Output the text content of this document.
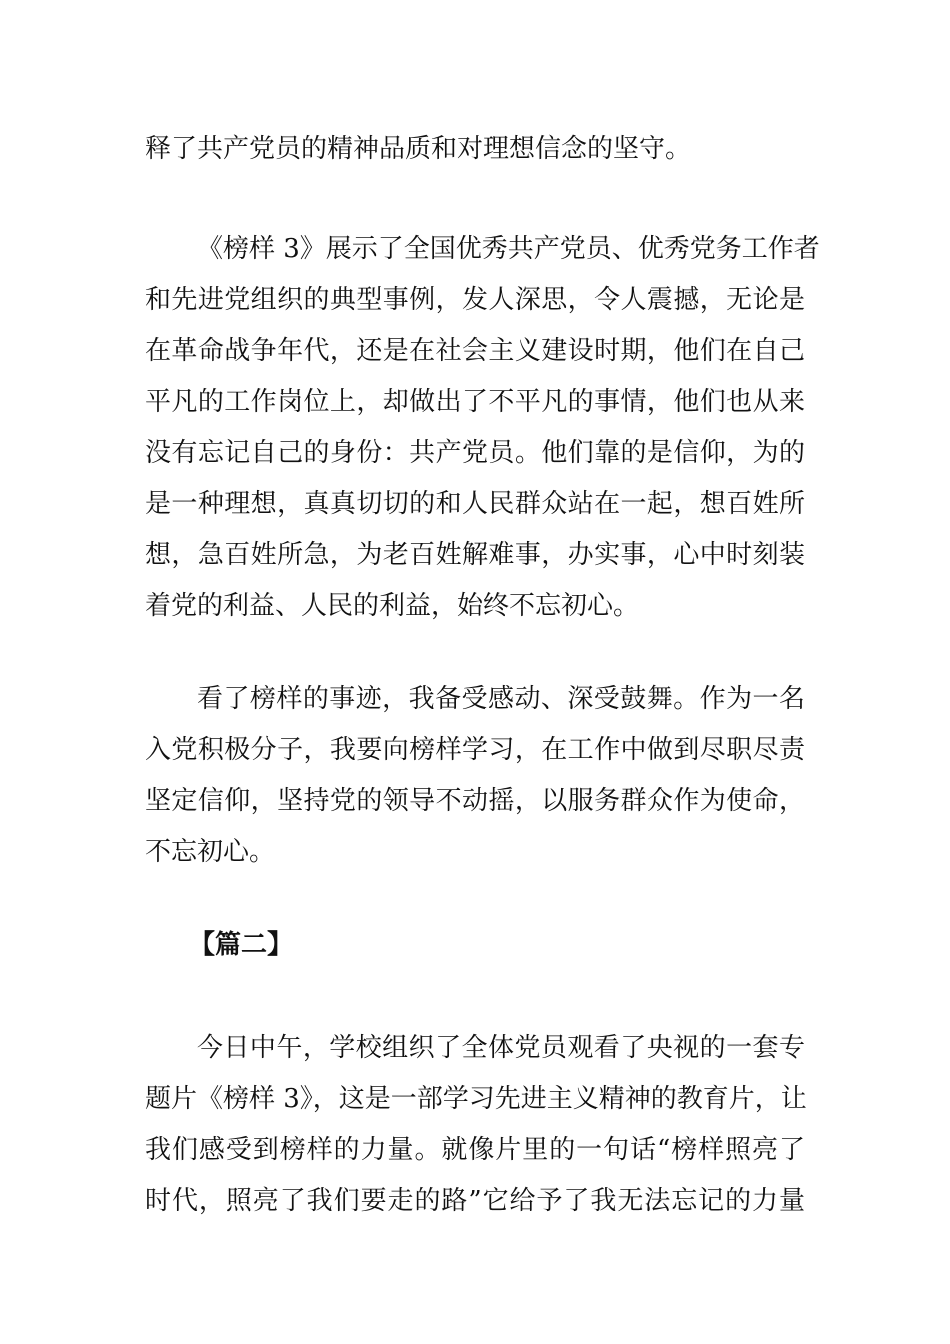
释了共产党员的精神品质和对理想信念的坚守。

《榜样 3》展示了全国优秀共产党员、优秀党务工作者

和先进党组织的典型事例，发人深思，令人震撼，无论是

在革命战争年代，还是在社会主义建设时期，他们在自己

平凡的工作岗位上，却做出了不平凡的事情，他们也从来

没有忘记自己的身份：共产党员。他们靠的是信仰，为的

是一种理想，真真切切的和人民群众站在一起，想百姓所

想，急百姓所急，为老百姓解难事，办实事，心中时刻装

着党的利益、人民的利益，始终不忘初心。

看了榜样的事迹，我备受感动、深受鼓舞。作为一名

入党积极分子，我要向榜样学习，在工作中做到尽职尽责

坚定信仰，坚持党的领导不动摇，以服务群众作为使命，

不忘初心。

【篇二】

今日中午，学校组织了全体党员观看了央视的一套专

题片《榜样 3》，这是一部学习先进主义精神的教育片，让

我们感受到榜样的力量。就像片里的一句话“榜样照亮了

时代，照亮了我们要走的路”它给予了我无法忘记的力量
